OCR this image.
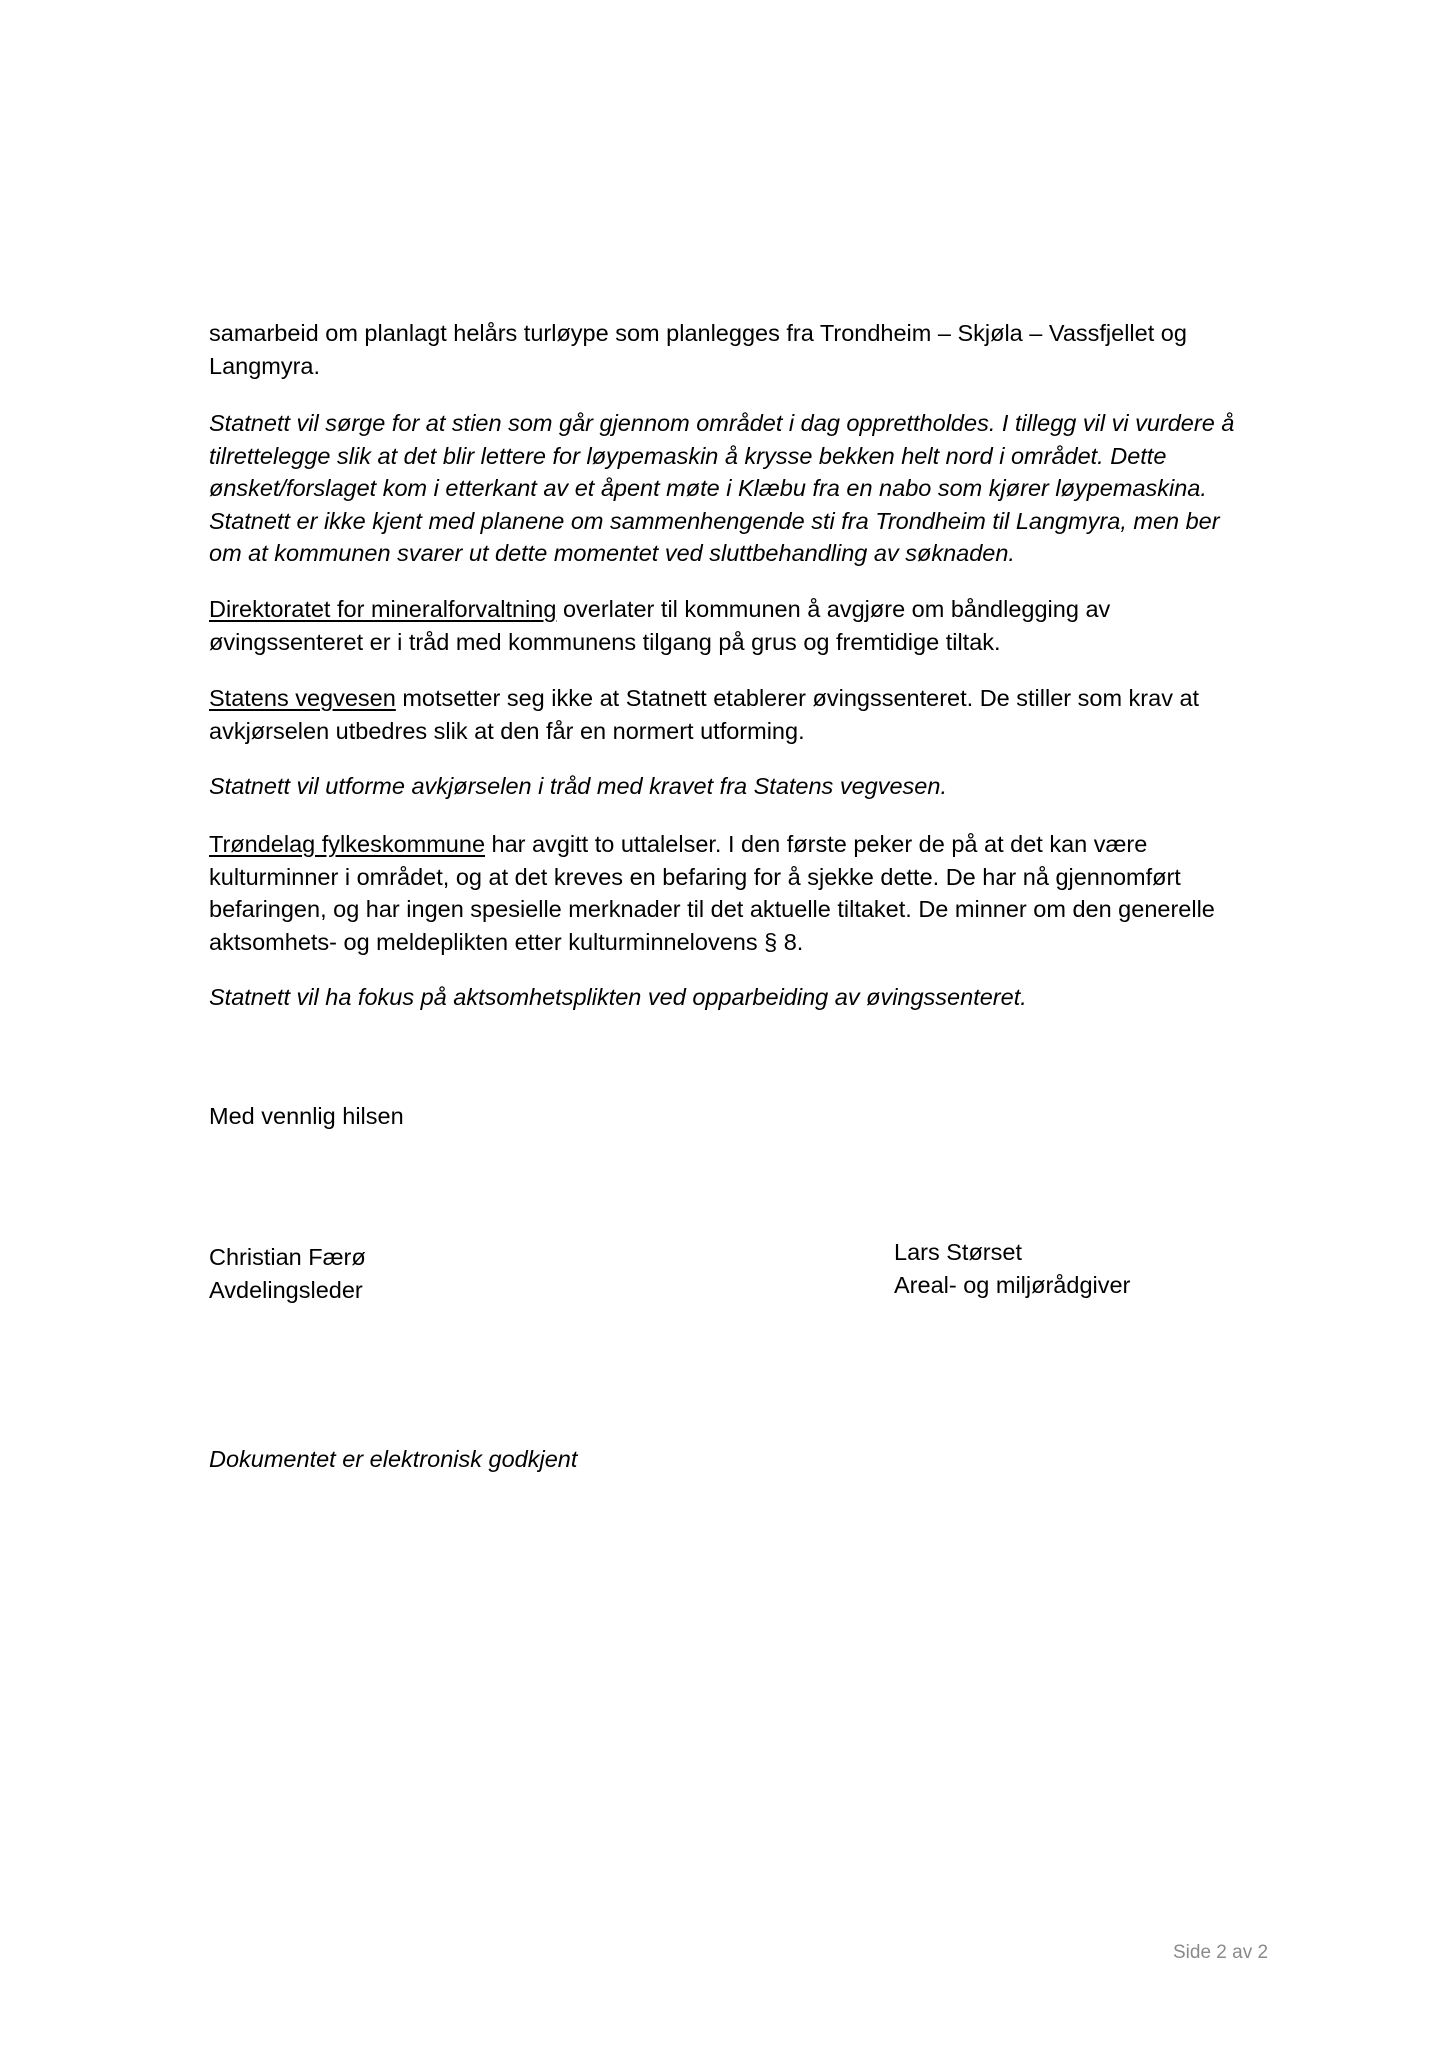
samarbeid om planlagt helårs turløype som planlegges fra Trondheim – Skjøla – Vassfjellet og
Langmyra.
Statnett vil sørge for at stien som går gjennom området i dag opprettholdes. I tillegg vil vi vurdere å
tilrettelegge slik at det blir lettere for løypemaskin å krysse bekken helt nord i området. Dette
ønsket/forslaget kom i etterkant av et åpent møte i Klæbu fra en nabo som kjører løypemaskina.
Statnett er ikke kjent med planene om sammenhengende sti fra Trondheim til Langmyra, men ber
om at kommunen svarer ut dette momentet ved sluttbehandling av søknaden.
Direktoratet for mineralforvaltning overlater til kommunen å avgjøre om båndlegging av
øvingssenteret er i tråd med kommunens tilgang på grus og fremtidige tiltak.
Statens vegvesen motsetter seg ikke at Statnett etablerer øvingssenteret. De stiller som krav at
avkjørselen utbedres slik at den får en normert utforming.
Statnett vil utforme avkjørselen i tråd med kravet fra Statens vegvesen.
Trøndelag fylkeskommune har avgitt to uttalelser. I den første peker de på at det kan være
kulturminner i området, og at det kreves en befaring for å sjekke dette. De har nå gjennomført
befaringen, og har ingen spesielle merknader til det aktuelle tiltaket. De minner om den generelle
aktsomhets- og meldeplikten etter kulturminnelovens § 8.
Statnett vil ha fokus på aktsomhetsplikten ved opparbeiding av øvingssenteret.
Med vennlig hilsen
Christian Færø
Avdelingsleder
Lars Størset
Areal- og miljørådgiver
Dokumentet er elektronisk godkjent
Side 2 av 2
